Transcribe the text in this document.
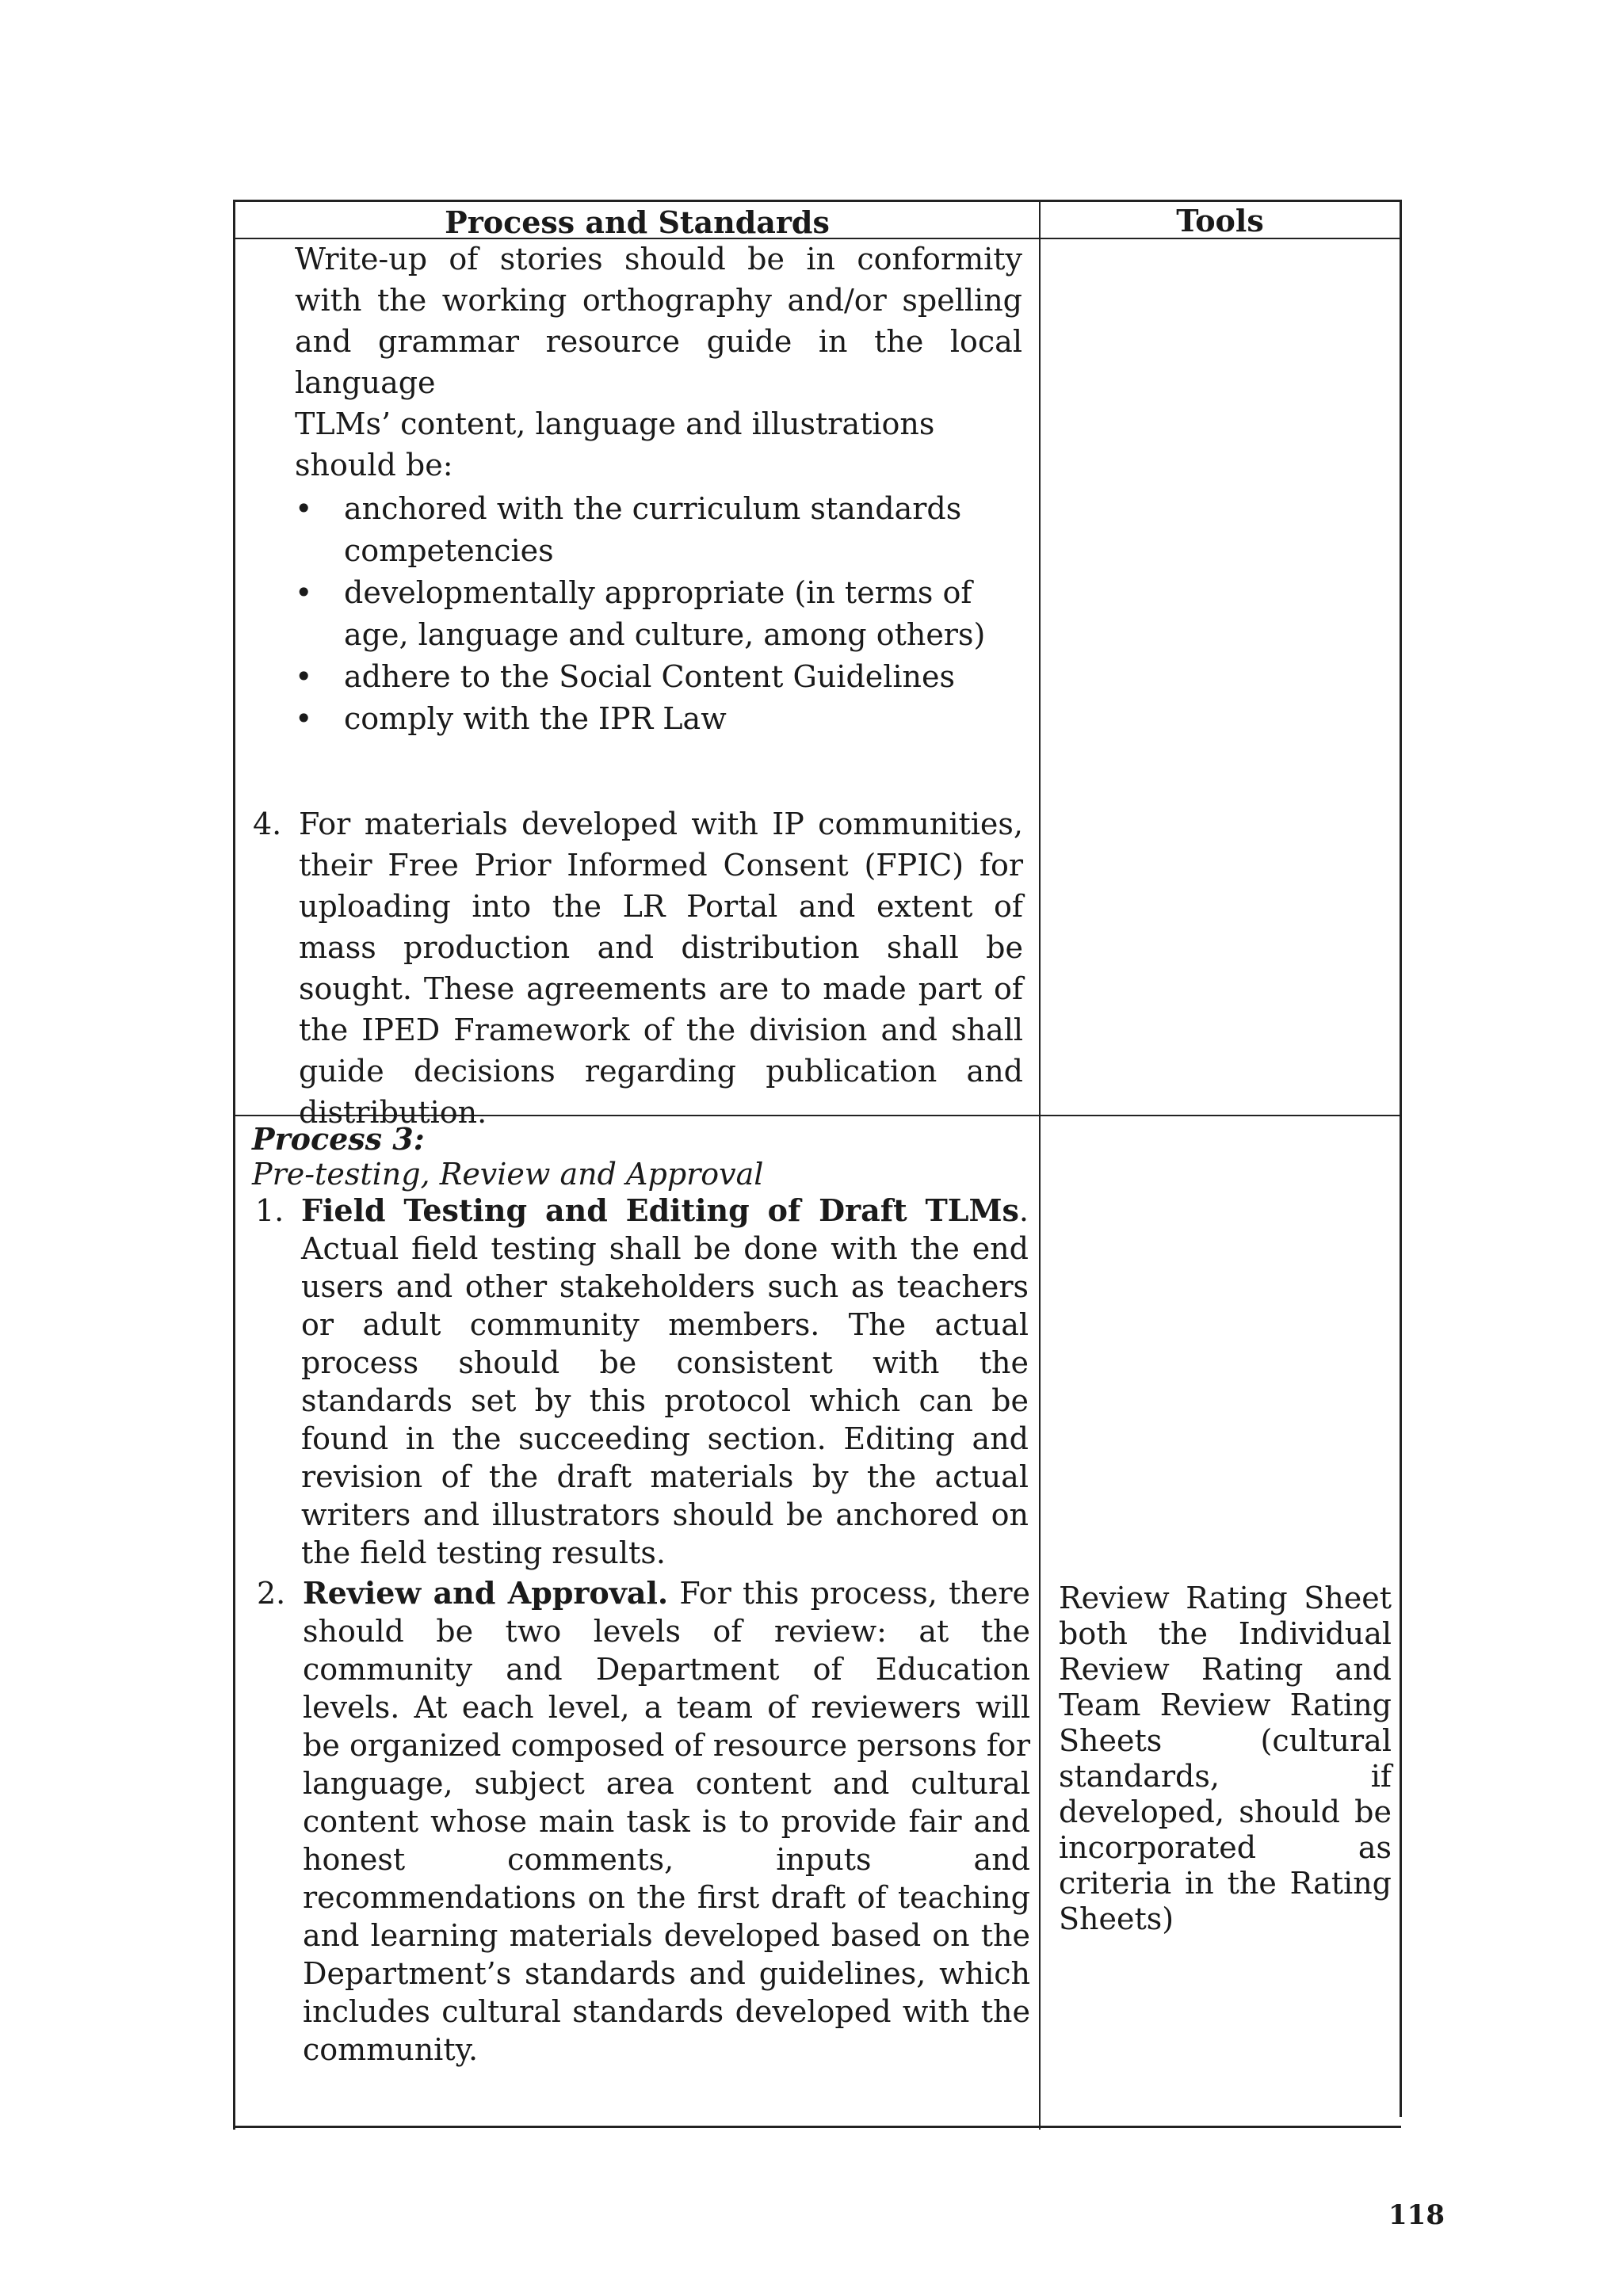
Process and Standards	Tools
Write-up of stories should be in conformity with the working orthography and/or spelling and grammar resource guide in the local language
TLMs’ content, language and illustrations should be:
• anchored with the curriculum standards competencies
• developmentally appropriate (in terms of age, language and culture, among others)
• adhere to the Social Content Guidelines
• comply with the IPR Law
4. For materials developed with IP communities, their Free Prior Informed Consent (FPIC) for uploading into the LR Portal and extent of mass production and distribution shall be sought. These agreements are to made part of the IPED Framework of the division and shall guide decisions regarding publication and distribution.
Process 3:
Pre-testing, Review and Approval
1. Field Testing and Editing of Draft TLMs. Actual field testing shall be done with the end users and other stakeholders such as teachers or adult community members. The actual process should be consistent with the standards set by this protocol which can be found in the succeeding section. Editing and revision of the draft materials by the actual writers and illustrators should be anchored on the field testing results.
2. Review and Approval. For this process, there should be two levels of review: at the community and Department of Education levels. At each level, a team of reviewers will be organized composed of resource persons for language, subject area content and cultural content whose main task is to provide fair and honest comments, inputs and recommendations on the first draft of teaching and learning materials developed based on the Department’s standards and guidelines, which includes cultural standards developed with the community.
Review Rating Sheet both the Individual Review Rating and Team Review Rating Sheets (cultural standards, if developed, should be incorporated as criteria in the Rating Sheets)
118
